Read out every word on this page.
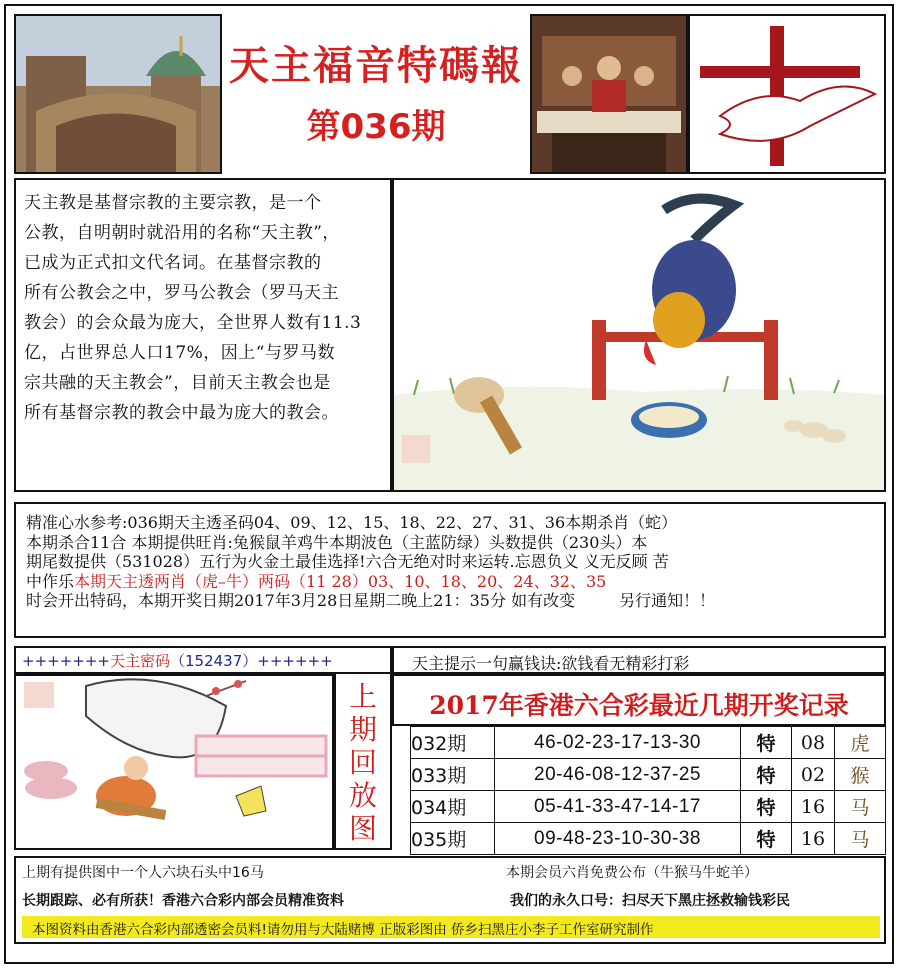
天主福音特碼報
第036期

天主教是基督宗教的主要宗教，是一个

公教，自明朝时就沿用的名称“天主教”，

已成为正式扣文代名词。在基督宗教的

所有公教会之中，罗马公教会（罗马天主

教会）的会众最为庞大，全世界人数有11.3

亿，占世界总人口17%，因上“与罗马数

宗共融的天主教会”，目前天主教会也是

所有基督宗教的教会中最为庞大的教会。

精准心水参考:036期天主透圣码04、09、12、15、18、22、27、31、36本期杀肖（蛇）
本期杀合11合 本期提供旺肖:兔猴鼠羊鸡牛本期波色（主蓝防绿）头数提供（230头）本
期尾数提供（531028）五行为火金土最佳选择!六合无绝对时来运转.忘恩负义 义无反顾 苦
中作乐本期天主透两肖（虎–牛）两码（11 28）03、10、18、20、24、32、35
时会开出特码，本期开奖日期2017年3月28日星期二晚上21：35分 如有改变	另行通知！！
+++++++天主密码（152437）++++++	天主提示一句赢钱诀:欲钱看无精彩打彩
上
期
回
放
图
2017年香港六合彩最近几期开奖记录
032期	46-02-23-17-13-30	特	08	虎
033期	20-46-08-12-37-25	特	02	猴
034期	05-41-33-47-14-17	特	16	马
035期	09-48-23-10-30-38	特	16	马
上期有提供图中一个人六块石头中16马	本期会员六肖免费公布（牛猴马牛蛇羊）
长期跟踪、必有所获！香港六合彩内部会员精准资料	我们的永久口号：扫尽天下黑庄拯救输钱彩民
本图资料由香港六合彩内部透密会员料!请勿用与大陆赌博 正版彩图由 侨乡扫黑庄小李子工作室研究制作
